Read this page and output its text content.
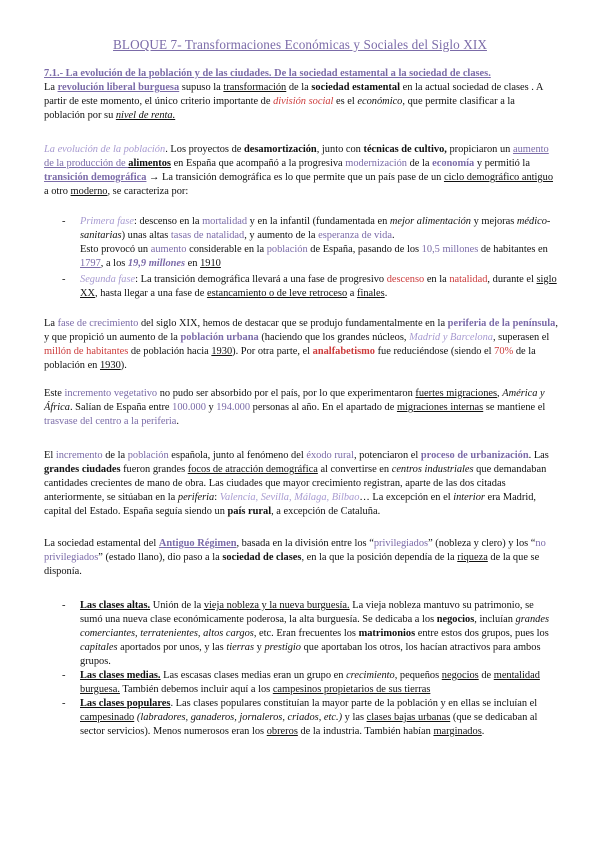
BLOQUE 7- Transformaciones Económicas y Sociales del Siglo XIX
7.1.- La evolución de la población y de las ciudades. De la sociedad estamental a la sociedad de clases.
La revolución liberal burguesa supuso la transformación de la sociedad estamental en la actual sociedad de clases . A partir de este momento, el único criterio importante de división social es el económico, que permite clasificar a la población por su nivel de renta.
La evolución de la población. Los proyectos de desamortización, junto con técnicas de cultivo, propiciaron un aumento de la producción de alimentos en España que acompañó a la progresiva modernización de la economía y permitió la transición demográfica → La transición demográfica es lo que permite que un país pase de un ciclo demográfico antiguo a otro moderno, se caracteriza por:
- Primera fase: descenso en la mortalidad y en la infantil (fundamentada en mejor alimentación y mejoras médico-sanitarias) unas altas tasas de natalidad, y aumento de la esperanza de vida.
Esto provocó un aumento considerable en la población de España, pasando de los 10,5 millones de habitantes en 1797, a los 19,9 millones en 1910
- Segunda fase: La transición demográfica llevará a una fase de progresivo descenso en la natalidad, durante el siglo XX, hasta llegar a una fase de estancamiento o de leve retroceso a finales.
La fase de crecimiento del siglo XIX, hemos de destacar que se produjo fundamentalmente en la periferia de la península, y que propició un aumento de la población urbana (haciendo que los grandes núcleos, Madrid y Barcelona, superasen el millón de habitantes de población hacia 1930). Por otra parte, el analfabetismo fue reduciéndose (siendo el 70% de la población en 1930).
Este incremento vegetativo no pudo ser absorbido por el país, por lo que experimentaron fuertes migraciones, América y África. Salían de España entre 100.000 y 194.000 personas al año. En el apartado de migraciones internas se mantiene el trasvase del centro a la periferia.
El incremento de la población española, junto al fenómeno del éxodo rural, potenciaron el proceso de urbanización. Las grandes ciudades fueron grandes focos de atracción demográfica al convertirse en centros industriales que demandaban cantidades crecientes de mano de obra. Las ciudades que mayor crecimiento registran, aparte de las dos citadas anteriormente, se sitúaban en la periferia: Valencia, Sevilla, Málaga, Bilbao… La excepción en el interior era Madrid, capital del Estado. España seguía siendo un país rural, a excepción de Cataluña.
La sociedad estamental del Antiguo Régimen, basada en la división entre los “privilegiados” (nobleza y clero) y los “no privilegiados” (estado llano), dio paso a la sociedad de clases, en la que la posición dependía de la riqueza de la que se disponía.
- Las clases altas. Unión de la vieja nobleza y la nueva burguesía. La vieja nobleza mantuvo su patrimonio, se sumó una nueva clase económicamente poderosa, la alta burguesía. Se dedicaba a los negocios, incluían grandes comerciantes, terratenientes, altos cargos, etc. Eran frecuentes los matrimonios entre estos dos grupos, pues los capitales aportados por unos, y las tierras y prestigio que aportaban los otros, los hacían atractivos para ambos grupos.
- Las clases medias. Las escasas clases medias eran un grupo en crecimiento, pequeños negocios de mentalidad burguesa. También debemos incluir aquí a los campesinos propietarios de sus tierras
- Las clases populares. Las clases populares constituían la mayor parte de la población y en ellas se incluían el campesinado (labradores, ganaderos, jornaleros, criados, etc.) y las clases bajas urbanas (que se dedicaban al sector servicios). Menos numerosos eran los obreros de la industria. También habían marginados.
